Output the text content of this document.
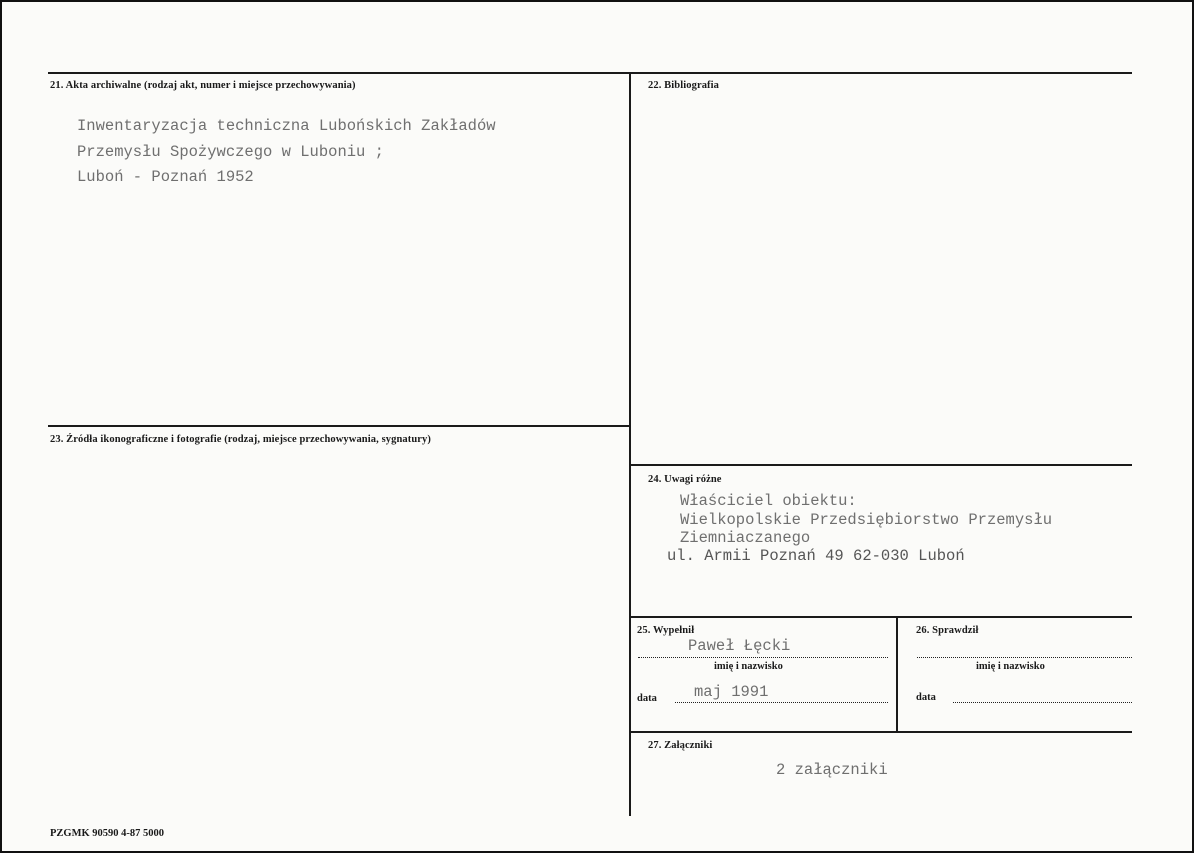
21. Akta archiwalne (rodzaj akt, numer i miejsce przechowywania)
Inwentaryzacja techniczna Lubońskich Zakładów
Przemysłu Spożywczego w Luboniu ;
Luboń - Poznań 1952
22. Bibliografia
23. Źródła ikonograficzne i fotografie (rodzaj, miejsce przechowywania, sygnatury)
24. Uwagi różne
Właściciel obiektu:
Wielkopolskie Przedsiębiorstwo Przemysłu
Ziemniaczanego
ul. Armii Poznań 49 62-030 Luboń
25. Wypełnił
Paweł Łęcki
imię i nazwisko
maj 1991
data
26. Sprawdził
imię i nazwisko
data
27. Załączniki
2 załączniki
PZGMK 90590 4-87 5000
